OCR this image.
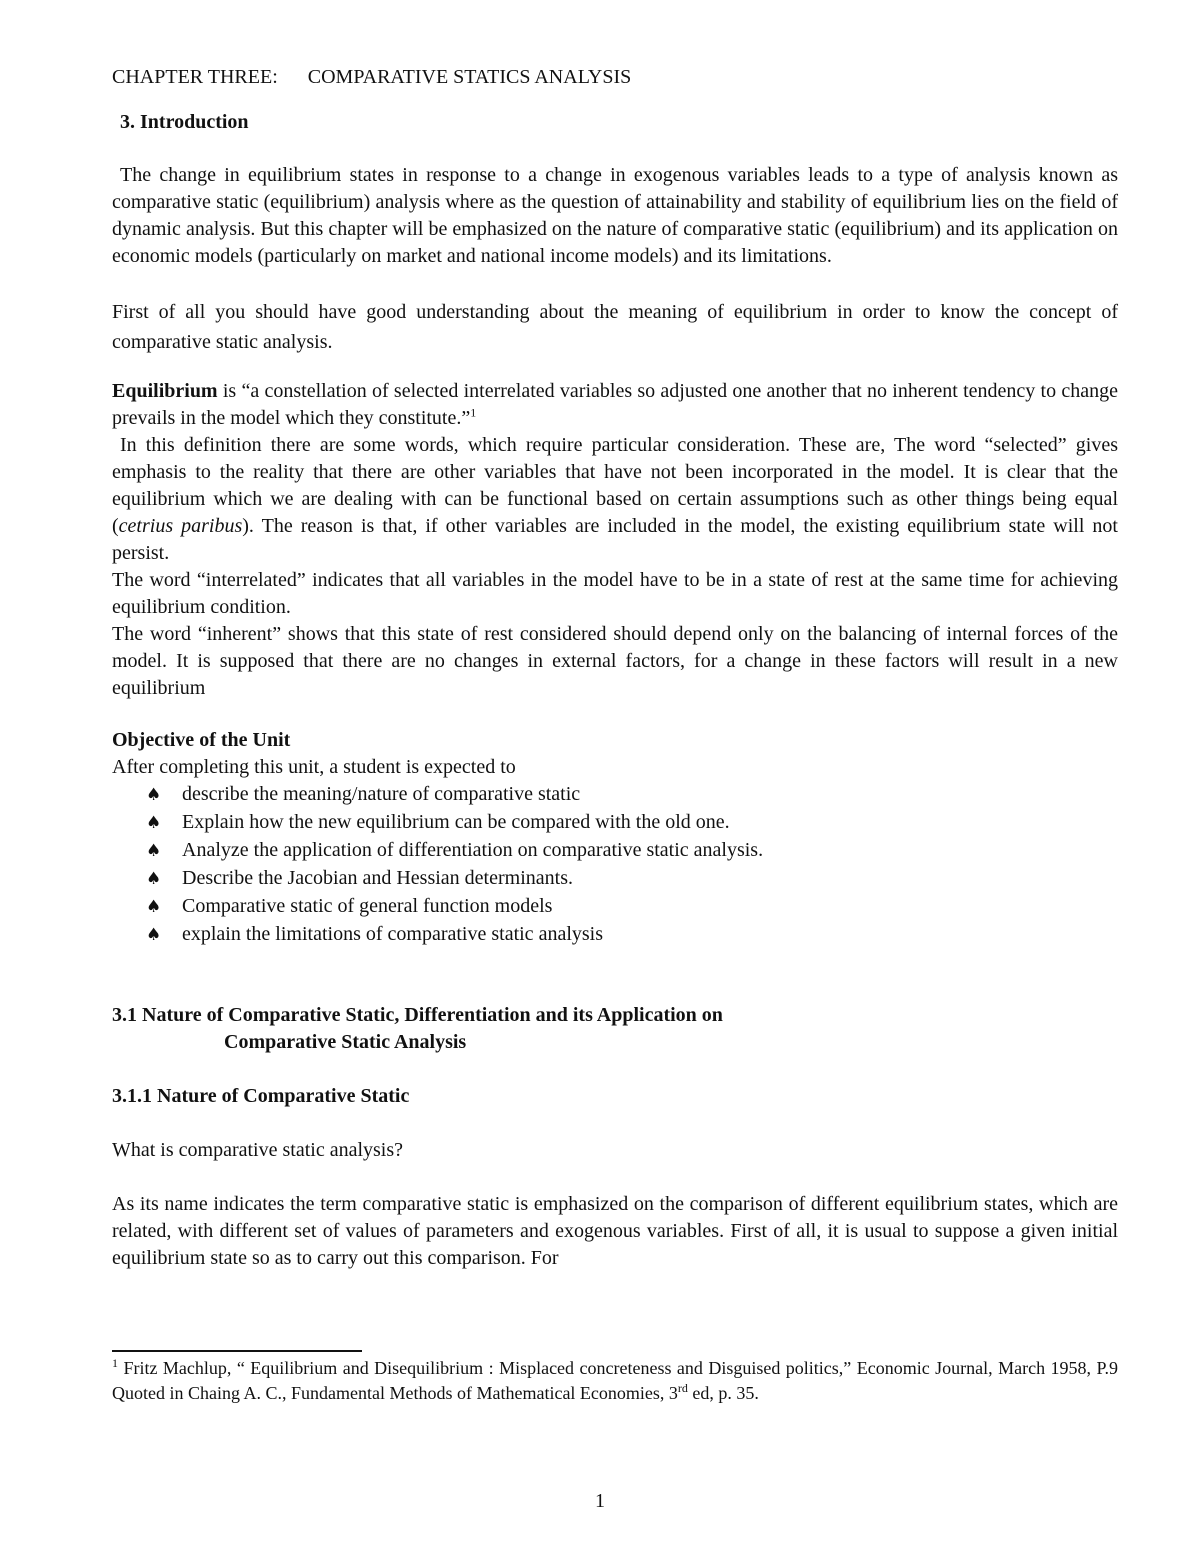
CHAPTER THREE: COMPARATIVE STATICS ANALYSIS

3. Introduction

The change in equilibrium states in response to a change in exogenous variables leads to a type of analysis known as comparative static (equilibrium) analysis where as the question of attainability and stability of equilibrium lies on the field of dynamic analysis. But this chapter will be emphasized on the nature of comparative static (equilibrium) and its application on economic models (particularly on market and national income models) and its limitations.

First of all you should have good understanding about the meaning of equilibrium in order to know the concept of comparative static analysis.

Equilibrium is “a constellation of selected interrelated variables so adjusted one another that no inherent tendency to change prevails in the model which they constitute.”$^1$

In this definition there are some words, which require particular consideration. These are, The word “selected” gives emphasis to the reality that there are other variables that have not been incorporated in the model. It is clear that the equilibrium which we are dealing with can be functional based on certain assumptions such as other things being equal (cetrius paribus). The reason is that, if other variables are included in the model, the existing equilibrium state will not persist.

The word “interrelated” indicates that all variables in the model have to be in a state of rest at the same time for achieving equilibrium condition.

The word “inherent” shows that this state of rest considered should depend only on the balancing of internal forces of the model. It is supposed that there are no changes in external factors, for a change in these factors will result in a new equilibrium

Objective of the Unit

After completing this unit, a student is expected to

♠ describe the meaning/nature of comparative static
♠ Explain how the new equilibrium can be compared with the old one.
♠ Analyze the application of differentiation on comparative static analysis.
♠ Describe the Jacobian and Hessian determinants.
♠ Comparative static of general function models
♠ explain the limitations of comparative static analysis

3.1 Nature of Comparative Static, Differentiation and its Application on

Comparative Static Analysis

3.1.1 Nature of Comparative Static

What is comparative static analysis?

As its name indicates the term comparative static is emphasized on the comparison of different equilibrium states, which are related, with different set of values of parameters and exogenous variables. First of all, it is usual to suppose a given initial equilibrium state so as to carry out this comparison. For

$^1$ Fritz Machlup, “ Equilibrium and Disequilibrium : Misplaced concreteness and Disguised politics,” Economic Journal, March 1958, P.9 Quoted in Chaing A. C., Fundamental Methods of Mathematical Economies, 3rd ed, p. 35.
1
